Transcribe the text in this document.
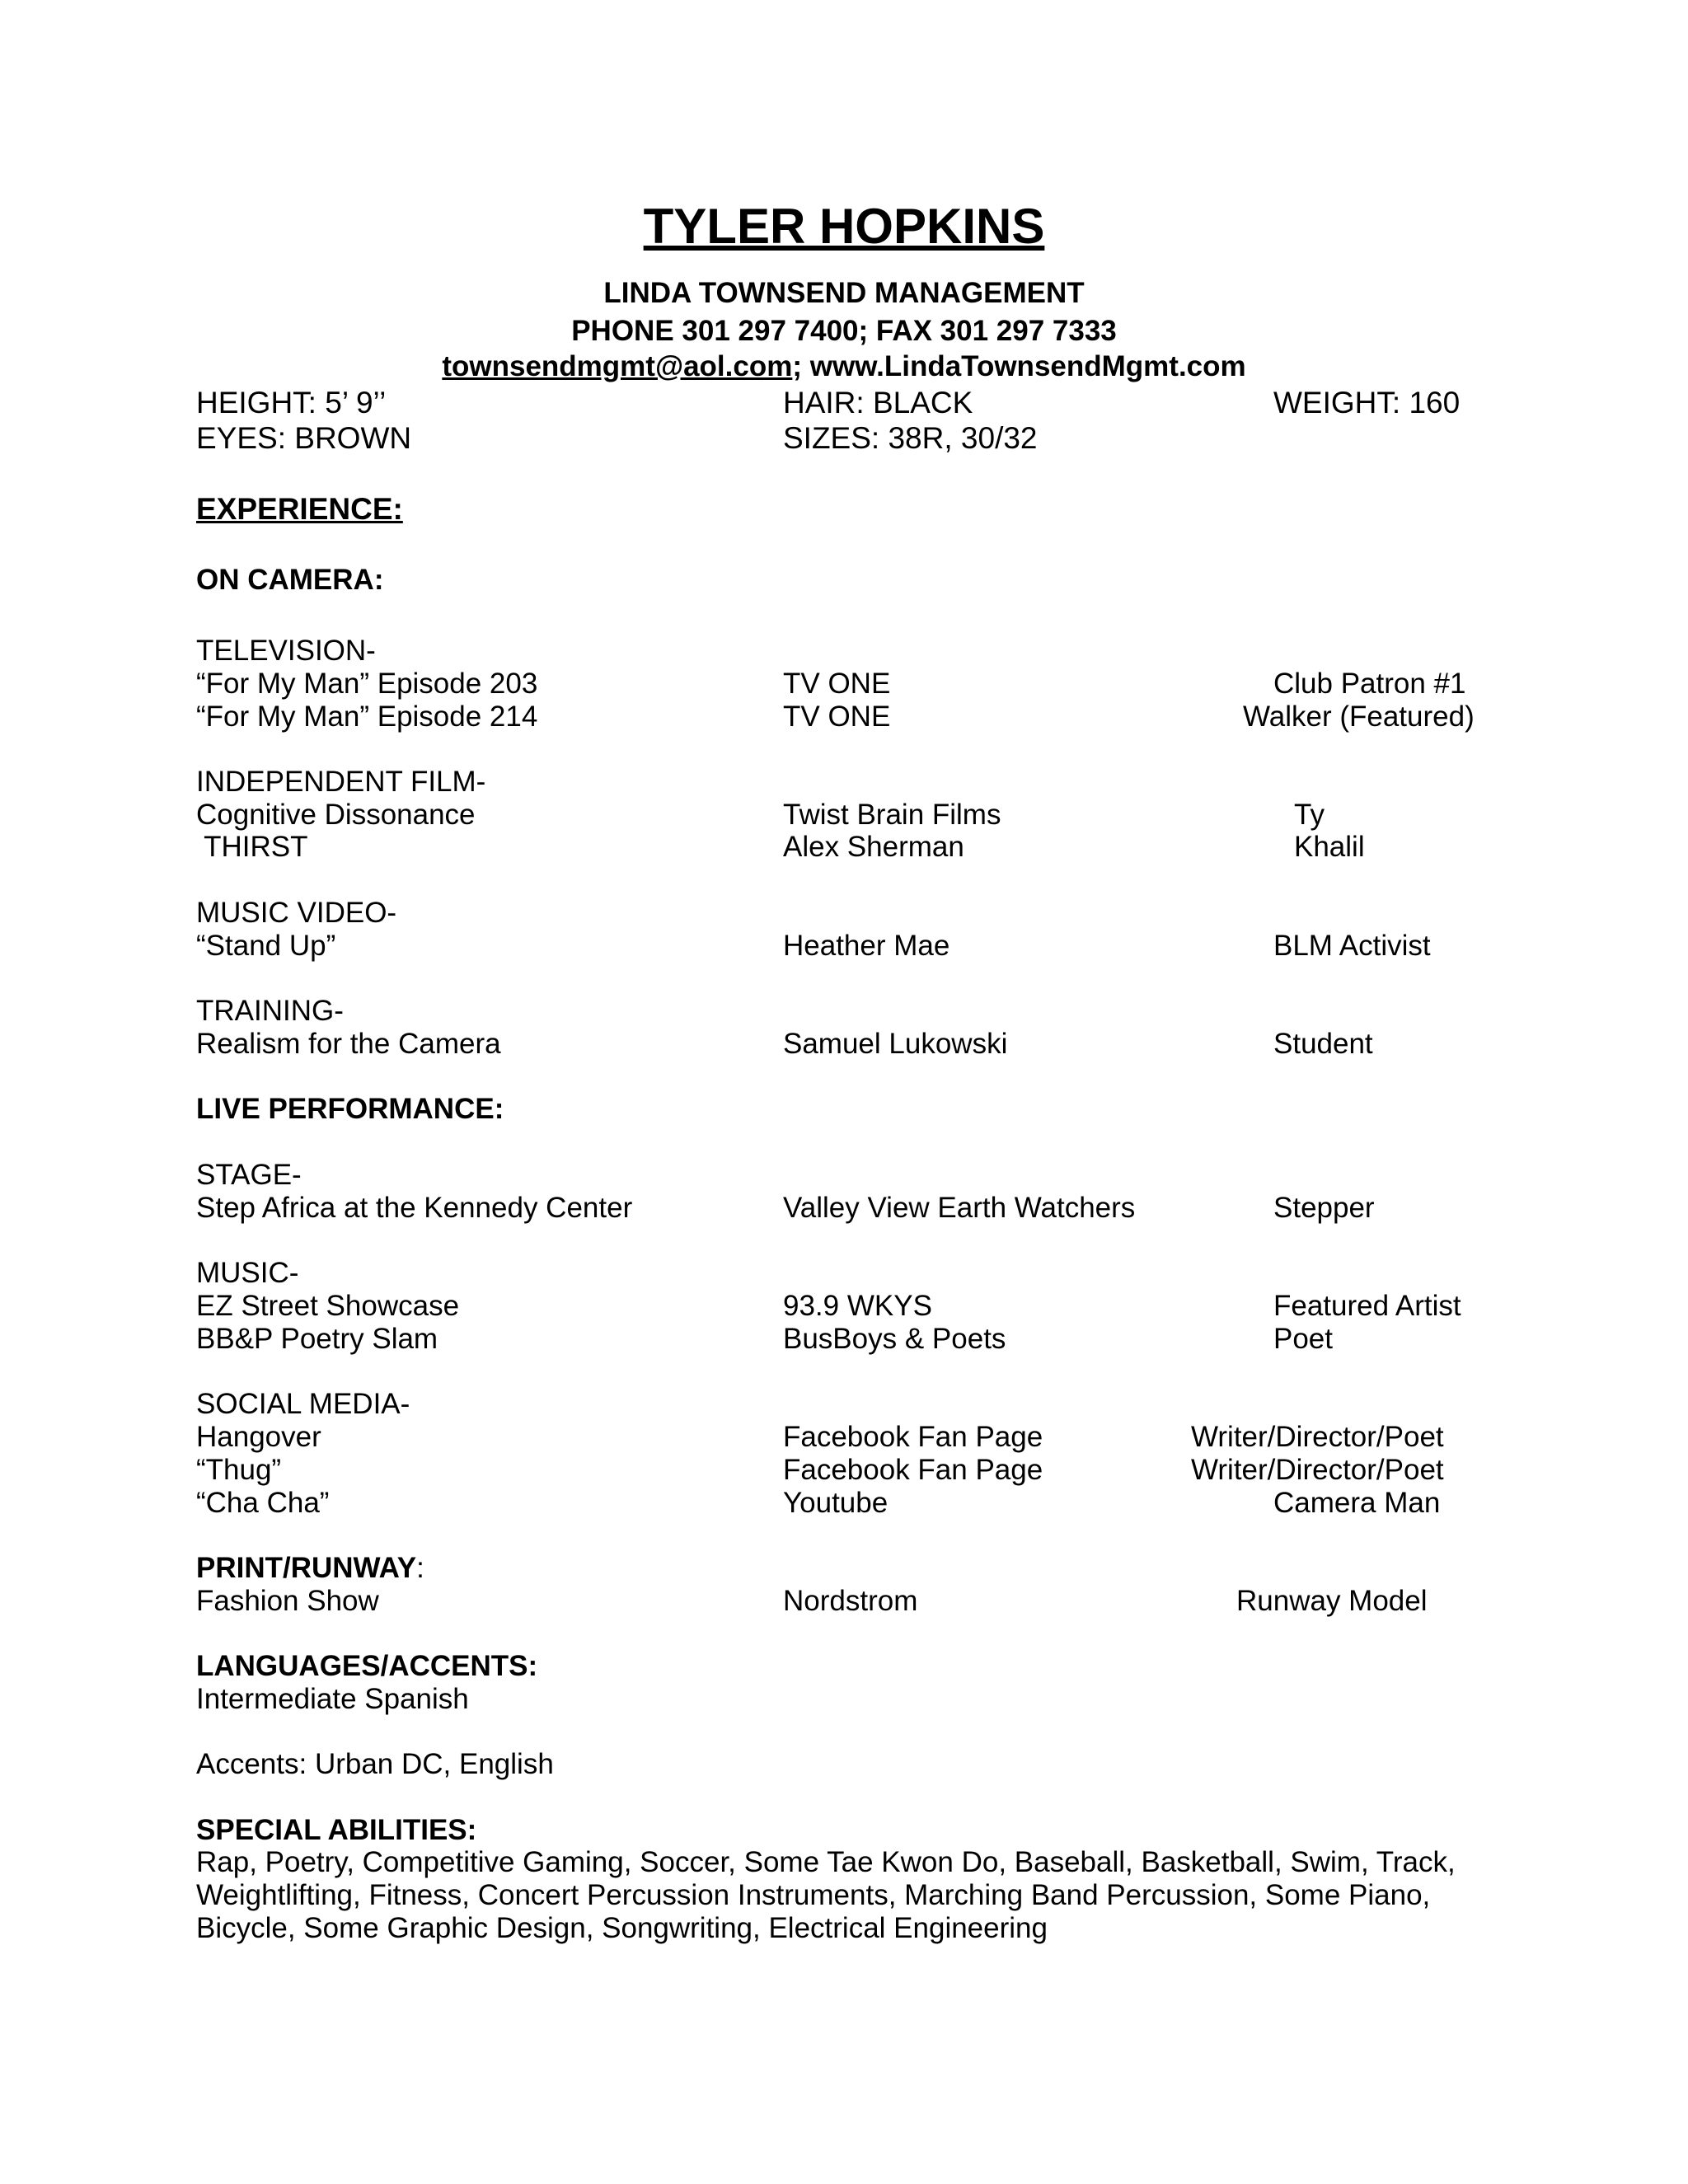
TYLER HOPKINS
LINDA TOWNSEND MANAGEMENT
PHONE 301 297 7400; FAX 301 297 7333
townsendmgmt@aol.com; www.LindaTownsendMgmt.com
HEIGHT: 5’ 9’’	HAIR: BLACK	WEIGHT: 160
EYES: BROWN	SIZES: 38R, 30/32
EXPERIENCE:
ON CAMERA:
TELEVISION-
“For My Man” Episode 203	TV ONE	Club Patron #1
“For My Man” Episode 214	TV ONE	Walker (Featured)
INDEPENDENT FILM-
Cognitive Dissonance	Twist Brain Films	Ty
THIRST	Alex Sherman	Khalil
MUSIC VIDEO-
“Stand Up”	Heather Mae	BLM Activist
TRAINING-
Realism for the Camera	Samuel Lukowski	Student
LIVE PERFORMANCE:
STAGE-
Step Africa at the Kennedy Center	Valley View Earth Watchers	Stepper
MUSIC-
EZ Street Showcase	93.9 WKYS	Featured Artist
BB&P Poetry Slam	BusBoys & Poets	Poet
SOCIAL MEDIA-
Hangover	Facebook Fan Page	Writer/Director/Poet
“Thug”	Facebook Fan Page	Writer/Director/Poet
“Cha Cha”	Youtube	Camera Man
PRINT/RUNWAY:
Fashion Show	Nordstrom	Runway Model
LANGUAGES/ACCENTS:
Intermediate Spanish
Accents: Urban DC, English
SPECIAL ABILITIES:
Rap, Poetry, Competitive Gaming, Soccer, Some Tae Kwon Do, Baseball, Basketball, Swim, Track, Weightlifting, Fitness, Concert Percussion Instruments, Marching Band Percussion, Some Piano, Bicycle, Some Graphic Design, Songwriting, Electrical Engineering
